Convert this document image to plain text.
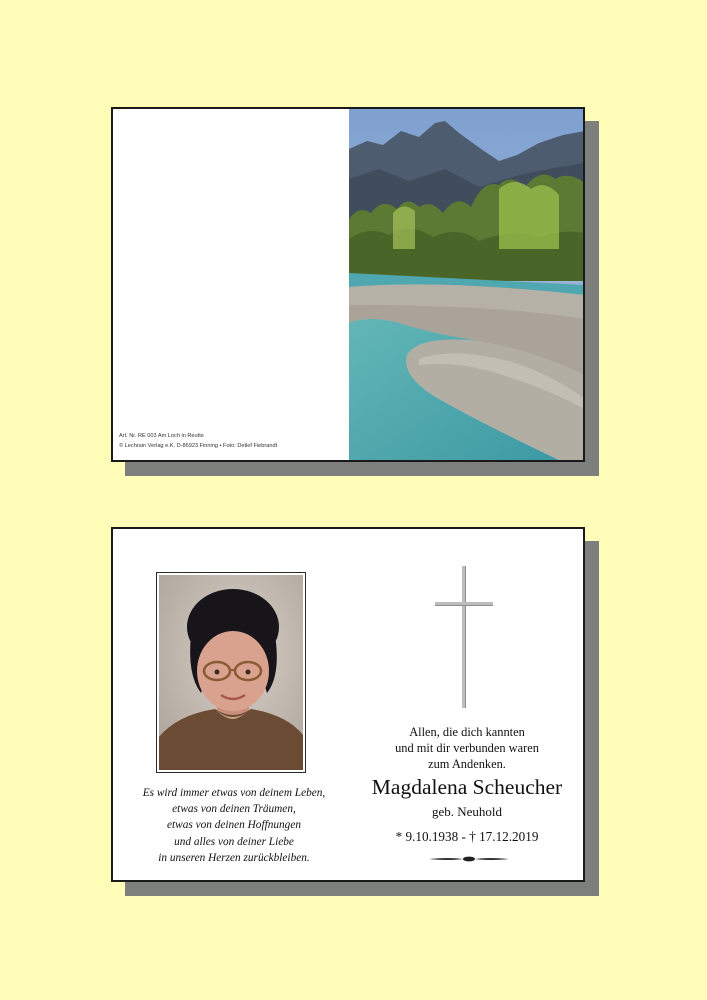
Art. Nr. RE 003 Am Loch in Reutte
© Lechrain Verlag e.K. D-86923 Finning • Foto: Detlef Fiebrandt
Es wird immer etwas von deinem Leben,
etwas von deinen Träumen,
etwas von deinen Hoffnungen
und alles von deiner Liebe
in unseren Herzen zurückbleiben.
Allen, die dich kannten
und mit dir verbunden waren
zum Andenken.
Magdalena Scheucher
geb. Neuhold
* 9.10.1938 - † 17.12.2019
